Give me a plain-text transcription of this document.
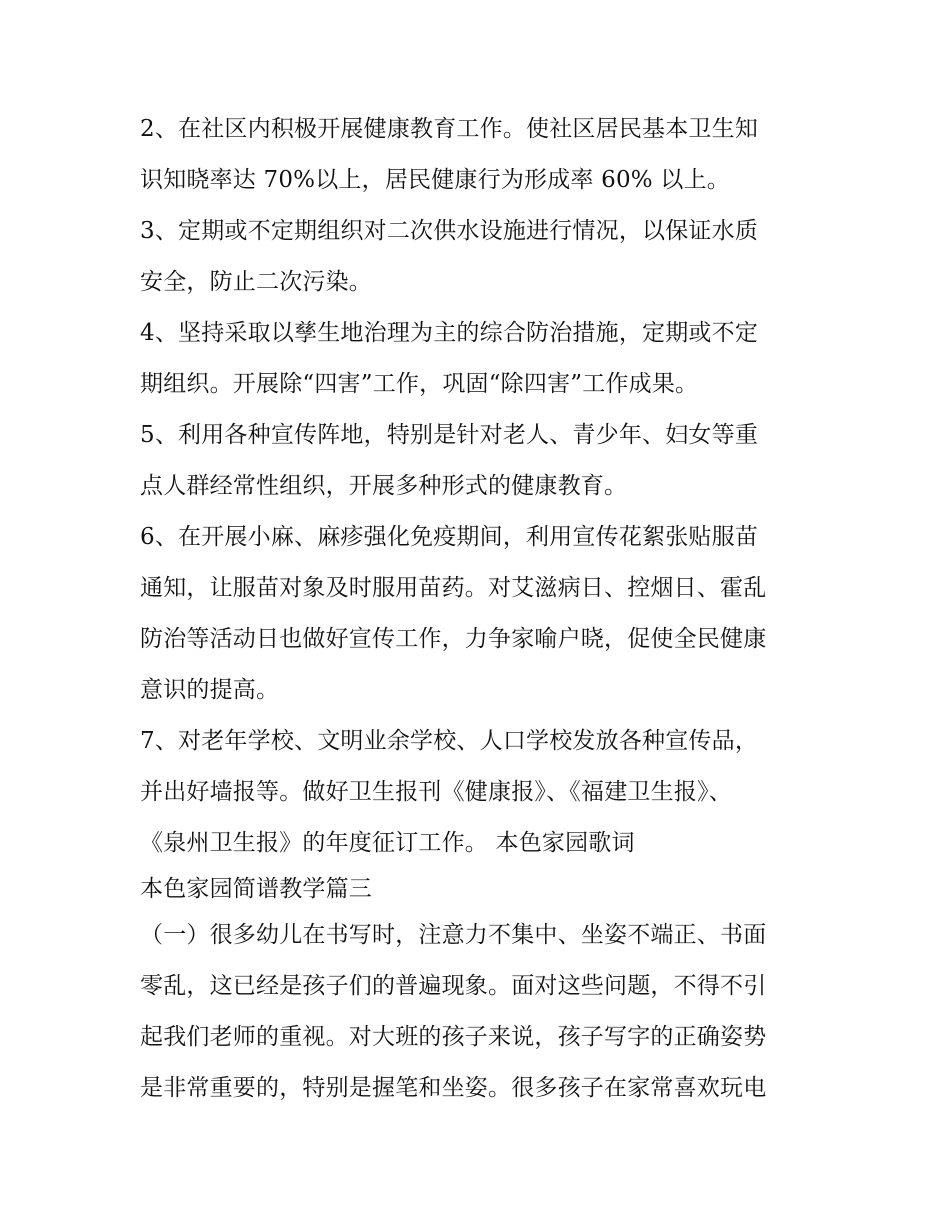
2、在社区内积极开展健康教育工作。使社区居民基本卫生知
识知晓率达 70%以上，居民健康行为形成率 60% 以上。
3、定期或不定期组织对二次供水设施进行情况，以保证水质
安全，防止二次污染。
4、坚持采取以孳生地治理为主的综合防治措施，定期或不定
期组织。开展除“四害”工作，巩固“除四害”工作成果。
5、利用各种宣传阵地，特别是针对老人、青少年、妇女等重
点人群经常性组织，开展多种形式的健康教育。
6、在开展小麻、麻疹强化免疫期间，利用宣传花絮张贴服苗
通知，让服苗对象及时服用苗药。对艾滋病日、控烟日、霍乱
防治等活动日也做好宣传工作，力争家喻户晓，促使全民健康
意识的提高。
7、对老年学校、文明业余学校、人口学校发放各种宣传品，
并出好墙报等。做好卫生报刊《健康报》、《福建卫生报》、
《泉州卫生报》的年度征订工作。 本色家园歌词
本色家园简谱教学篇三
（一）很多幼儿在书写时，注意力不集中、坐姿不端正、书面
零乱，这已经是孩子们的普遍现象。面对这些问题，不得不引
起我们老师的重视。对大班的孩子来说，孩子写字的正确姿势
是非常重要的，特别是握笔和坐姿。很多孩子在家常喜欢玩电
